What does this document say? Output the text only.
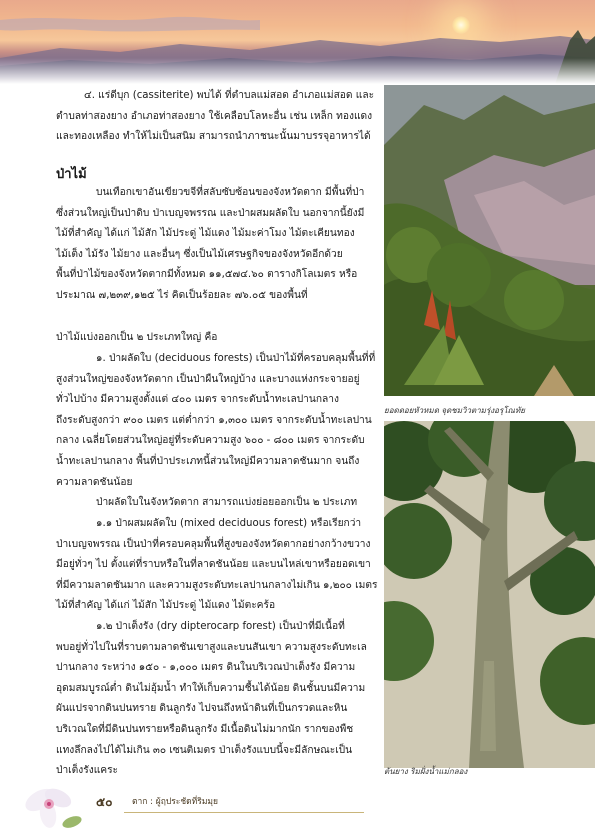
๔. แร่ดีบุก (cassiterite) พบได้ ที่ตำบลแม่สอด อำเภอแม่สอด และ

ตำบลท่าสองยาง อำเภอท่าสองยาง ใช้เคลือบโลหะอื่น เช่น เหล็ก ทองแดง

และทองเหลือง ทำให้ไม่เป็นสนิม สามารถนำภาชนะนั้นมาบรรจุอาหารได้

ป่าไม้

บนเทือกเขาอันเขียวขจีที่สลับซับซ้อนของจังหวัดตาก มีพื้นที่ป่า

ซึ่งส่วนใหญ่เป็นป่าดิบ ป่าเบญจพรรณ และป่าผสมผลัดใบ นอกจากนี้ยังมี

ไม้ที่สำคัญ ได้แก่ ไม้สัก ไม้ประดู่ ไม้แดง ไม้มะค่าโมง ไม้ตะเคียนทอง

ไม้เต็ง ไม้รัง ไม้ยาง และอื่นๆ ซึ่งเป็นไม้เศรษฐกิจของจังหวัดอีกด้วย

พื้นที่ป่าไม้ของจังหวัดตากมีทั้งหมด ๑๑,๕๗๔.๖๐ ตารางกิโลเมตร หรือ

ประมาณ ๗,๒๓๙,๑๒๕ ไร่ คิดเป็นร้อยละ ๗๖.๐๕ ของพื้นที่

ป่าไม้แบ่งออกเป็น ๒ ประเภทใหญ่ คือ

๑. ป่าผลัดใบ (deciduous forests) เป็นป่าไม้ที่ครอบคลุมพื้นที่ที่

สูงส่วนใหญ่ของจังหวัดตาก เป็นป่าผืนใหญ่บ้าง และบางแห่งกระจายอยู่

ทั่วไปบ้าง มีความสูงตั้งแต่ ๔๐๐ เมตร จากระดับน้ำทะเลปานกลาง

ถึงระดับสูงกว่า ๙๐๐ เมตร แต่ต่ำกว่า ๑,๓๐๐ เมตร จากระดับน้ำทะเลปาน

กลาง เฉลี่ยโดยส่วนใหญ่อยู่ที่ระดับความสูง ๖๐๐ - ๘๐๐ เมตร จากระดับ

น้ำทะเลปานกลาง พื้นที่ป่าประเภทนี้ส่วนใหญ่มีความลาดชันมาก จนถึง

ความลาดชันน้อย

ป่าผลัดใบในจังหวัดตาก สามารถแบ่งย่อยออกเป็น ๒ ประเภท

๑.๑ ป่าผสมผลัดใบ (mixed deciduous forest) หรือเรียกว่า

ป่าเบญจพรรณ เป็นป่าที่ครอบคลุมพื้นที่สูงของจังหวัดตากอย่างกว้างขวาง

มีอยู่ทั่วๆ ไป ตั้งแต่ที่ราบหรือในที่ลาดชันน้อย และบนไหล่เขาหรือยอดเขา

ที่มีความลาดชันมาก และความสูงระดับทะเลปานกลางไม่เกิน ๑,๒๐๐ เมตร

ไม้ที่สำคัญ ได้แก่ ไม้สัก ไม้ประดู่ ไม้แดง ไม้ตะคร้อ

๑.๒ ป่าเต็งรัง (dry dipterocarp forest) เป็นป่าที่มีเนื้อที่

พบอยู่ทั่วไปในที่ราบตามลาดชันเขาสูงและบนสันเขา ความสูงระดับทะเล

ปานกลาง ระหว่าง ๑๕๐ - ๑,๐๐๐ เมตร ดินในบริเวณป่าเต็งรัง มีความ

อุดมสมบูรณ์ต่ำ ดินไม่อุ้มน้ำ ทำให้เก็บความชื้นได้น้อย ดินชั้นบนมีความ

ผันแปรจากดินปนทราย ดินลูกรัง ไปจนถึงหน้าดินที่เป็นกรวดและหิน

บริเวณใดที่มีดินปนทรายหรือดินลูกรัง มีเนื้อดินไม่มากนัก รากของพืช

แทงลึกลงไปได้ไม่เกิน ๓๐ เซนติเมตร ป่าเต็งรังแบบนี้จะมีลักษณะเป็น

ป่าเต็งรังแคระ

ยอดดอยหัวหมด จุดชมวิวตามรุ่งอรุโณทัย
ต้นยาง ริมฝั่งน้ำแม่กลอง
๕๐ ตาก : ผู้ฤประชัดที่ริมมุย
